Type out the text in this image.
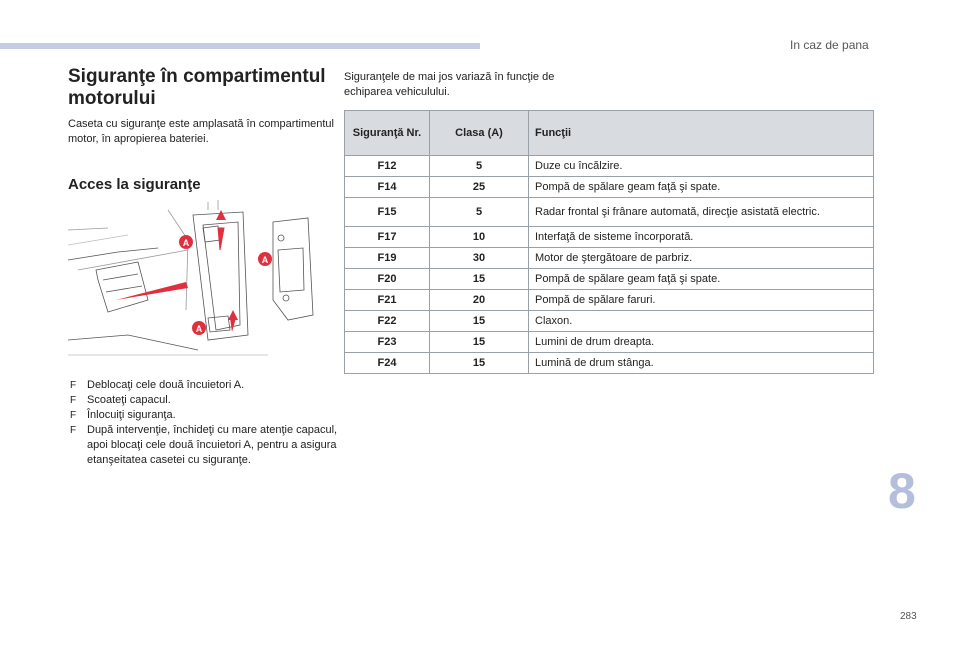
In caz de pana
8
283
Siguranţe în compartimentul motorului
Caseta cu siguranţe este amplasată în compartimentul motor, în apropierea bateriei.
Acces la siguranţe
A
A
A
F Deblocaţi cele două încuietori A.
F Scoateţi capacul.
F Înlocuiţi siguranţa.
F După intervenţie, închideţi cu mare atenţie capacul, apoi blocaţi cele două încuietori A, pentru a asigura etanşeitatea casetei cu siguranţe.
Siguranţele de mai jos variază în funcţie de echiparea vehiculului.
Siguranţă Nr.	Clasa (A)	Funcţii
F12	5	Duze cu încălzire.
F14	25	Pompă de spălare geam faţă şi spate.
F15	5	Radar frontal şi frânare automată, direcţie asistată electric.
F17	10	Interfaţă de sisteme încorporată.
F19	30	Motor de ştergătoare de parbriz.
F20	15	Pompă de spălare geam faţă şi spate.
F21	20	Pompă de spălare faruri.
F22	15	Claxon.
F23	15	Lumini de drum dreapta.
F24	15	Lumină de drum stânga.
